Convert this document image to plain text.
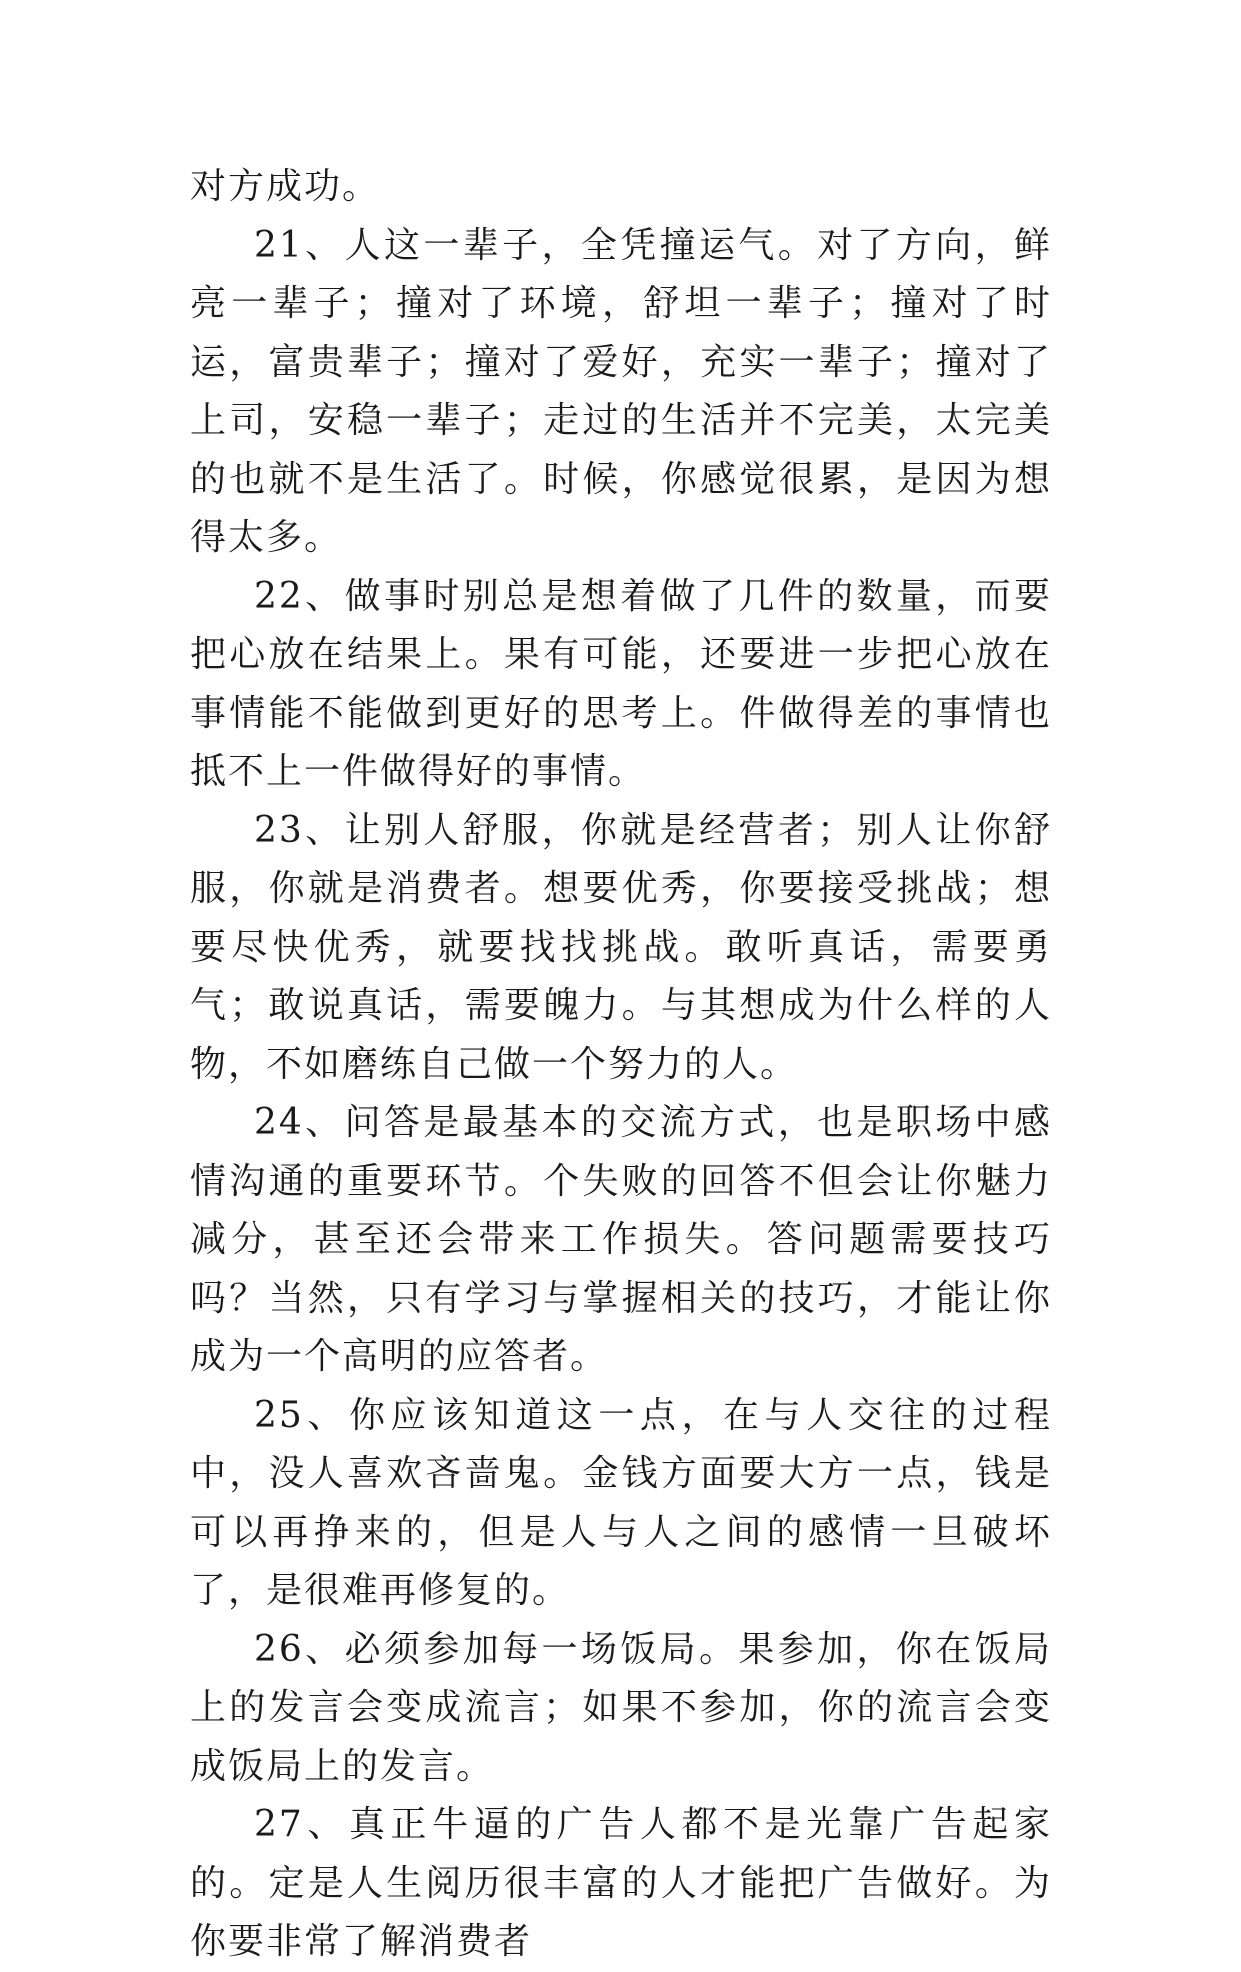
对方成功。

21、人这一辈子，全凭撞运气。对了方向，鲜亮一辈子；撞对了环境，舒坦一辈子；撞对了时运，富贵辈子；撞对了爱好，充实一辈子；撞对了上司，安稳一辈子；走过的生活并不完美，太完美的也就不是生活了。时候，你感觉很累，是因为想得太多。

22、做事时别总是想着做了几件的数量，而要把心放在结果上。果有可能，还要进一步把心放在事情能不能做到更好的思考上。件做得差的事情也抵不上一件做得好的事情。

23、让别人舒服，你就是经营者；别人让你舒服，你就是消费者。想要优秀，你要接受挑战；想要尽快优秀，就要找找挑战。敢听真话，需要勇气；敢说真话，需要魄力。与其想成为什么样的人物，不如磨练自己做一个努力的人。

24、问答是最基本的交流方式，也是职场中感情沟通的重要环节。个失败的回答不但会让你魅力减分，甚至还会带来工作损失。答问题需要技巧吗？当然，只有学习与掌握相关的技巧，才能让你成为一个高明的应答者。

25、你应该知道这一点，在与人交往的过程中，没人喜欢吝啬鬼。金钱方面要大方一点，钱是可以再挣来的，但是人与人之间的感情一旦破坏了，是很难再修复的。

26、必须参加每一场饭局。果参加，你在饭局上的发言会变成流言；如果不参加，你的流言会变成饭局上的发言。

27、真正牛逼的广告人都不是光靠广告起家的。定是人生阅历很丰富的人才能把广告做好。为你要非常了解消费者
